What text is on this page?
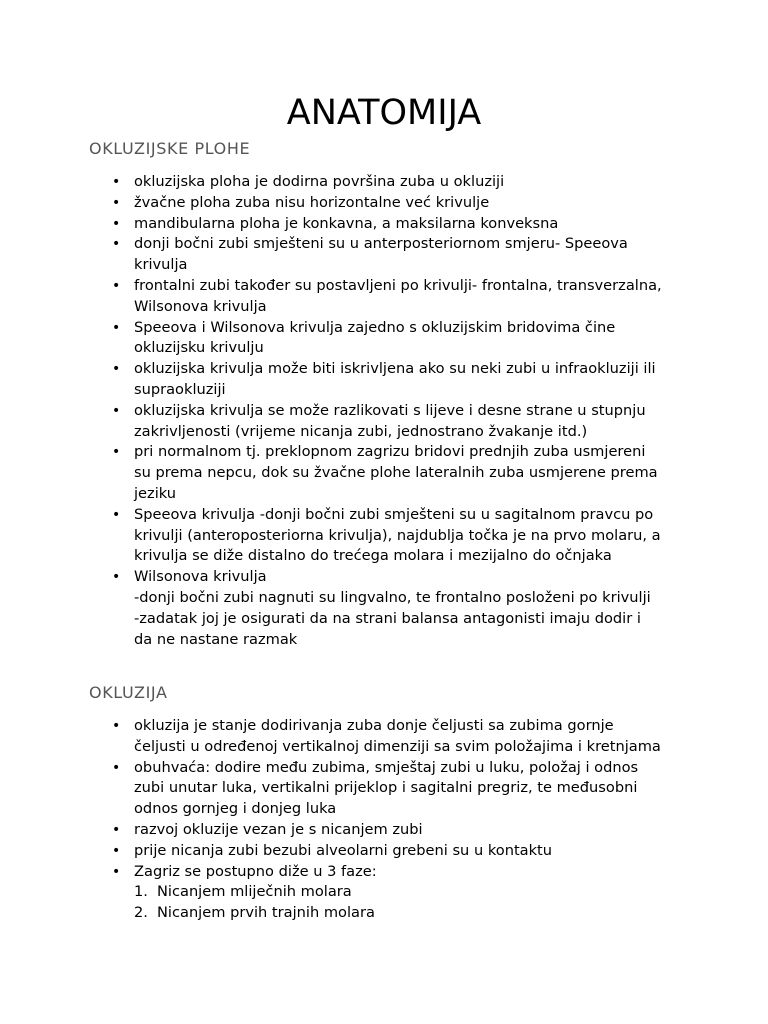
ANATOMIJA
OKLUZIJSKE PLOHE
• okluzijska ploha je dodirna površina zuba u okluziji
• žvačne ploha zuba nisu horizontalne već krivulje
• mandibularna ploha je konkavna, a maksilarna konveksna
• donji bočni zubi smješteni su u anterposteriornom smjeru- Speeova
krivulja
• frontalni zubi također su postavljeni po krivulji- frontalna, transverzalna,
Wilsonova krivulja
• Speeova i Wilsonova krivulja zajedno s okluzijskim bridovima čine
okluzijsku krivulju
• okluzijska krivulja može biti iskrivljena ako su neki zubi u infraokluziji ili
supraokluziji
• okluzijska krivulja se može razlikovati s lijeve i desne strane u stupnju
zakrivljenosti (vrijeme nicanja zubi, jednostrano žvakanje itd.)
• pri normalnom tj. preklopnom zagrizu bridovi prednjih zuba usmjereni
su prema nepcu, dok su žvačne plohe lateralnih zuba usmjerene prema
jeziku
• Speeova krivulja -donji bočni zubi smješteni su u sagitalnom pravcu po
krivulji (anteroposteriorna krivulja), najdublja točka je na prvo molaru, a
krivulja se diže distalno do trećega molara i mezijalno do očnjaka
• Wilsonova krivulja
-donji bočni zubi nagnuti su lingvalno, te frontalno posloženi po krivulji
-zadatak joj je osigurati da na strani balansa antagonisti imaju dodir i
da ne nastane razmak
OKLUZIJA
• okluzija je stanje dodirivanja zuba donje čeljusti sa zubima gornje
čeljusti u određenoj vertikalnoj dimenziji sa svim položajima i kretnjama
• obuhvaća: dodire među zubima, smještaj zubi u luku, položaj i odnos
zubi unutar luka, vertikalni prijeklop i sagitalni pregriz, te međusobni
odnos gornjeg i donjeg luka
• razvoj okluzije vezan je s nicanjem zubi
• prije nicanja zubi bezubi alveolarni grebeni su u kontaktu
• Zagriz se postupno diže u 3 faze:
1. Nicanjem mliječnih molara
2. Nicanjem prvih trajnih molara
